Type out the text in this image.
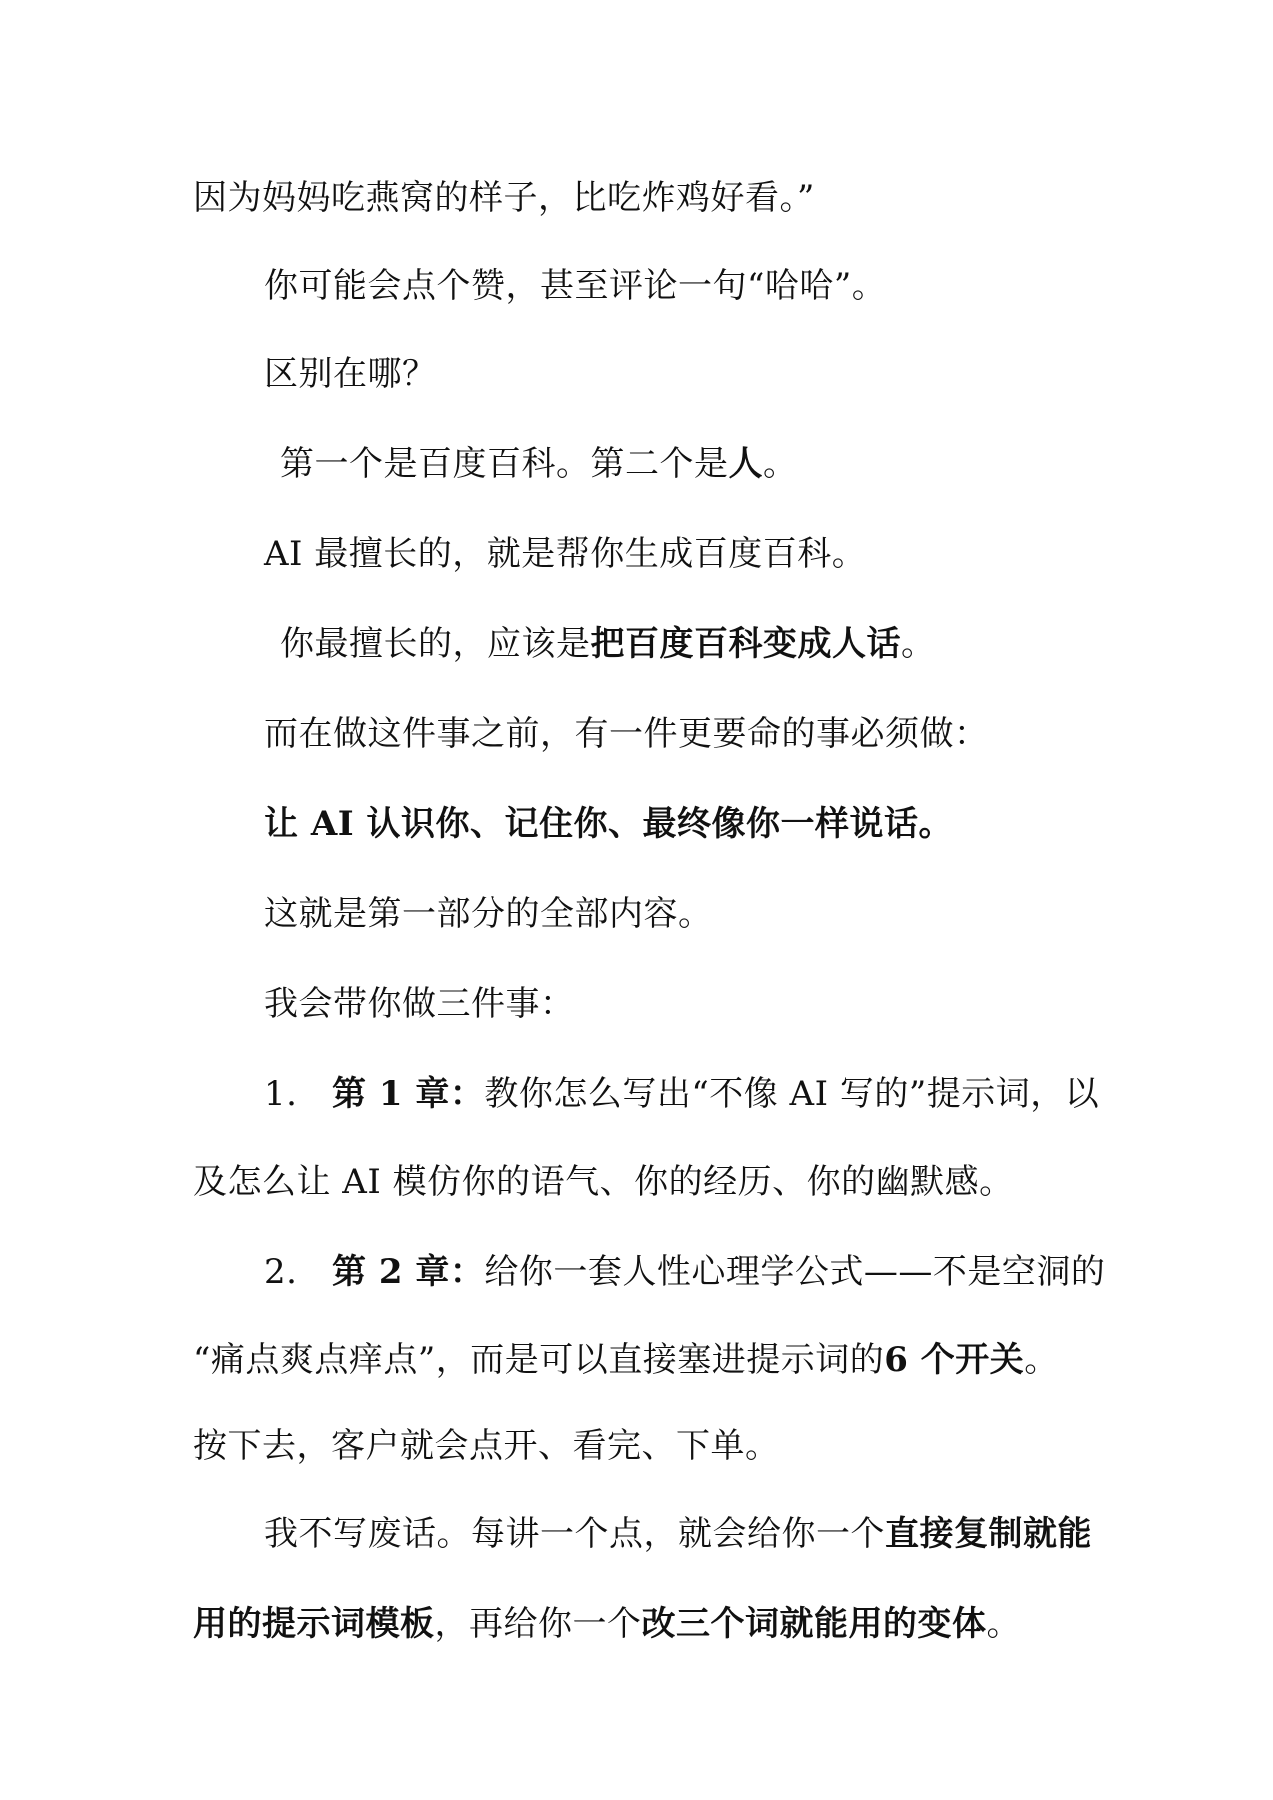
因为妈妈吃燕窝的样子，比吃炸鸡好看。”
你可能会点个赞，甚至评论一句“哈哈”。
区别在哪？
第一个是百度百科。第二个是人。
AI 最擅长的，就是帮你生成百度百科。
你最擅长的，应该是把百度百科变成人话。
而在做这件事之前，有一件更要命的事必须做：
让 AI 认识你、记住你、最终像你一样说话。
这就是第一部分的全部内容。
我会带你做三件事：
1. 第 1 章：教你怎么写出“不像 AI 写的”提示词，以
及怎么让 AI 模仿你的语气、你的经历、你的幽默感。
2. 第 2 章：给你一套人性心理学公式——不是空洞的
“痛点爽点痒点”，而是可以直接塞进提示词的6 个开关。
按下去，客户就会点开、看完、下单。
我不写废话。每讲一个点，就会给你一个直接复制就能
用的提示词模板，再给你一个改三个词就能用的变体。
